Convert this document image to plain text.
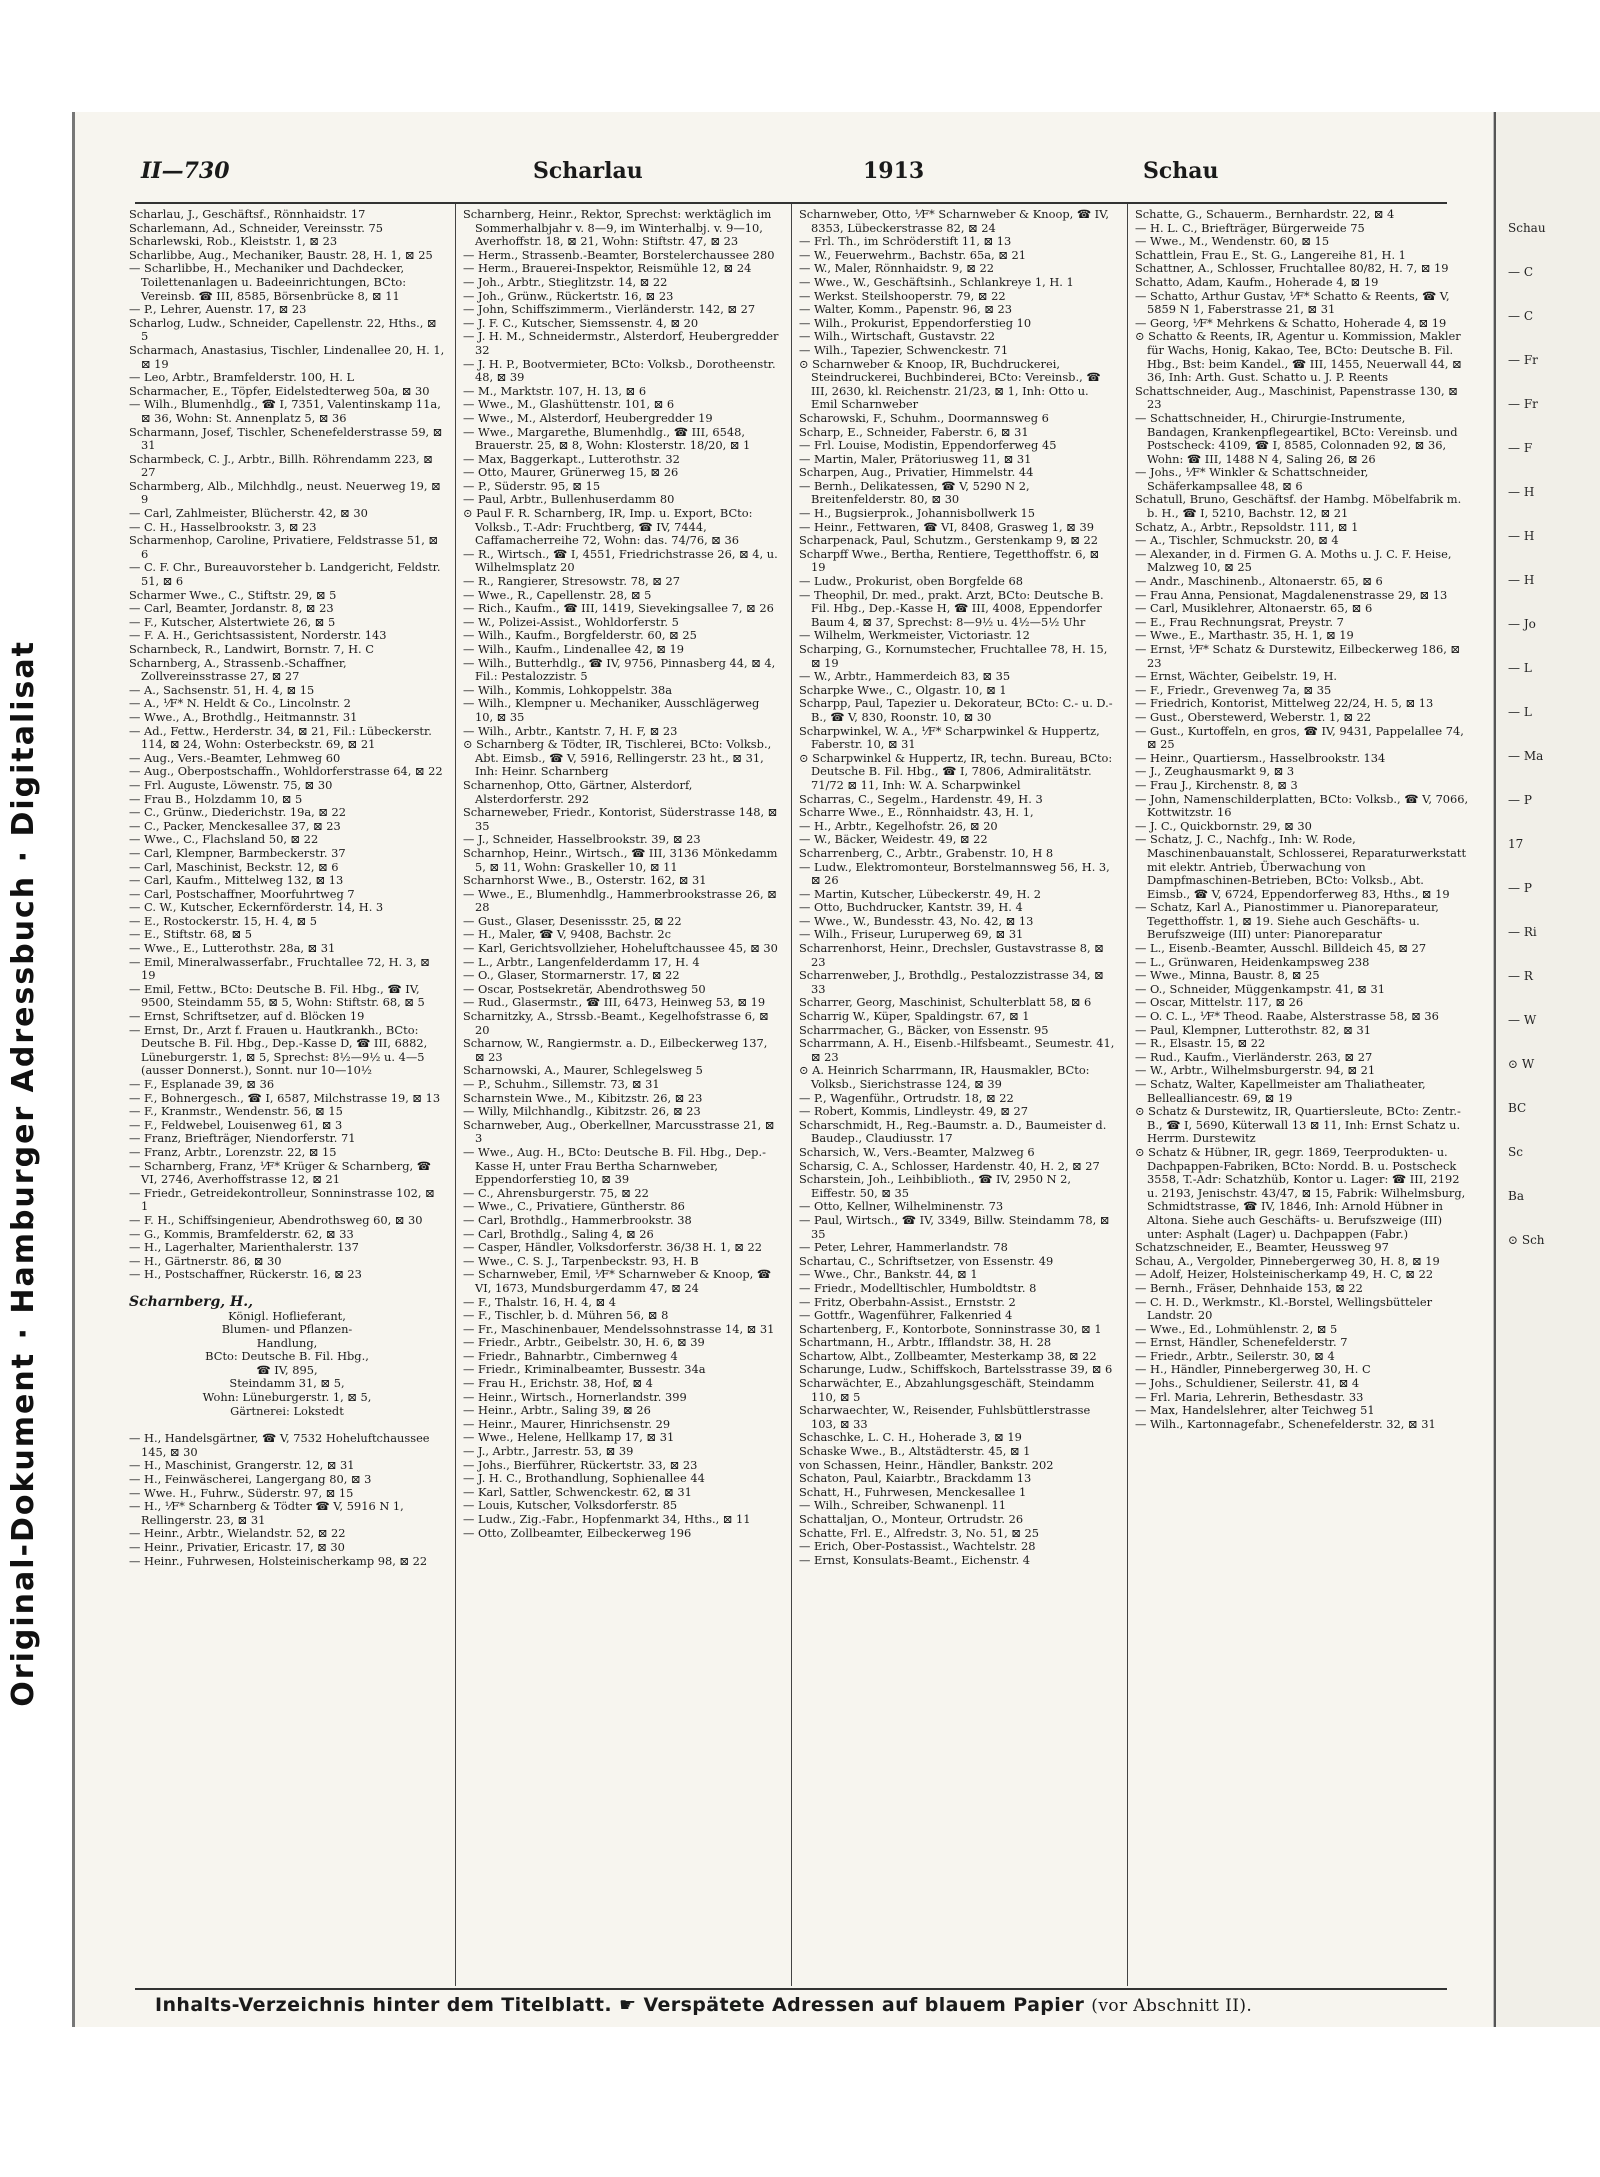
Original-Dokument · Hamburger Adressbuch · Digitalisat
II—730	Scharlau	1913	Schau

Scharlau, J., Geschäftsf., Rönnhaidstr. 17

Scharlemann, Ad., Schneider, Vereinsstr. 75

Scharlewski, Rob., Kleiststr. 1, ⊠ 23

Scharlibbe, Aug., Mechaniker, Baustr. 28, H. 1, ⊠ 25

— Scharlibbe, H., Mechaniker und Dachdecker, Toilettenanlagen u. Badeeinrichtungen, BCto: Vereinsb. ☎ III, 8585, Börsenbrücke 8, ⊠ 11

— P., Lehrer, Auenstr. 17, ⊠ 23

Scharlog, Ludw., Schneider, Capellenstr. 22, Hths., ⊠ 5

Scharmach, Anastasius, Tischler, Lindenallee 20, H. 1, ⊠ 19

— Leo, Arbtr., Bramfelderstr. 100, H. L

Scharmacher, E., Töpfer, Eidelstedterweg 50a, ⊠ 30

— Wilh., Blumenhdlg., ☎ I, 7351, Valentinskamp 11a, ⊠ 36, Wohn: St. Annenplatz 5, ⊠ 36

Scharmann, Josef, Tischler, Schenefelderstrasse 59, ⊠ 31

Scharmbeck, C. J., Arbtr., Billh. Röhrendamm 223, ⊠ 27

Scharmberg, Alb., Milchhdlg., neust. Neuerweg 19, ⊠ 9

— Carl, Zahlmeister, Blücherstr. 42, ⊠ 30

— C. H., Hasselbrookstr. 3, ⊠ 23

Scharmenhop, Caroline, Privatiere, Feldstrasse 51, ⊠ 6

— C. F. Chr., Bureauvorsteher b. Landgericht, Feldstr. 51, ⊠ 6

Scharmer Wwe., C., Stiftstr. 29, ⊠ 5

— Carl, Beamter, Jordanstr. 8, ⊠ 23

— F., Kutscher, Alstertwiete 26, ⊠ 5

— F. A. H., Gerichtsassistent, Norderstr. 143

Scharnbeck, R., Landwirt, Bornstr. 7, H. C

Scharnberg, A., Strassenb.-Schaffner, Zollvereinsstrasse 27, ⊠ 27

— A., Sachsenstr. 51, H. 4, ⊠ 15

— A., ⅟F* N. Heldt & Co., Lincolnstr. 2

— Wwe., A., Brothdlg., Heitmannstr. 31

— Ad., Fettw., Herderstr. 34, ⊠ 21, Fil.: Lübeckerstr. 114, ⊠ 24, Wohn: Osterbeckstr. 69, ⊠ 21

— Aug., Vers.-Beamter, Lehmweg 60

— Aug., Oberpostschaffn., Wohldorferstrasse 64, ⊠ 22

— Frl. Auguste, Löwenstr. 75, ⊠ 30

— Frau B., Holzdamm 10, ⊠ 5

— C., Grünw., Diederichstr. 19a, ⊠ 22

— C., Packer, Menckesallee 37, ⊠ 23

— Wwe., C., Flachsland 50, ⊠ 22

— Carl, Klempner, Barmbeckerstr. 37

— Carl, Maschinist, Beckstr. 12, ⊠ 6

— Carl, Kaufm., Mittelweg 132, ⊠ 13

— Carl, Postschaffner, Moorfuhrtweg 7

— C. W., Kutscher, Eckernförderstr. 14, H. 3

— E., Rostockerstr. 15, H. 4, ⊠ 5

— E., Stiftstr. 68, ⊠ 5

— Wwe., E., Lutterothstr. 28a, ⊠ 31

— Emil, Mineralwasserfabr., Fruchtallee 72, H. 3, ⊠ 19

— Emil, Fettw., BCto: Deutsche B. Fil. Hbg., ☎ IV, 9500, Steindamm 55, ⊠ 5, Wohn: Stiftstr. 68, ⊠ 5

— Ernst, Schriftsetzer, auf d. Blöcken 19

— Ernst, Dr., Arzt f. Frauen u. Hautkrankh., BCto: Deutsche B. Fil. Hbg., Dep.-Kasse D, ☎ III, 6882, Lüneburgerstr. 1, ⊠ 5, Sprechst: 8½—9½ u. 4—5 (ausser Donnerst.), Sonnt. nur 10—10½

— F., Esplanade 39, ⊠ 36

— F., Bohnergesch., ☎ I, 6587, Milchstrasse 19, ⊠ 13

— F., Kranmstr., Wendenstr. 56, ⊠ 15

— F., Feldwebel, Louisenweg 61, ⊠ 3

— Franz, Briefträger, Niendorferstr. 71

— Franz, Arbtr., Lorenzstr. 22, ⊠ 15

— Scharnberg, Franz, ⅟F* Krüger & Scharnberg, ☎ VI, 2746, Averhoffstrasse 12, ⊠ 21

— Friedr., Getreidekontrolleur, Sonninstrasse 102, ⊠ 1

— F. H., Schiffsingenieur, Abendrothsweg 60, ⊠ 30

— G., Kommis, Bramfelderstr. 62, ⊠ 33

— H., Lagerhalter, Marienthalerstr. 137

— H., Gärtnerstr. 86, ⊠ 30

— H., Postschaffner, Rückerstr. 16, ⊠ 23

Scharnberg, H.,
Königl. Hoflieferant,
Blumen- und Pflanzen-
Handlung,
BCto: Deutsche B. Fil. Hbg.,
☎ IV, 895,
Steindamm 31, ⊠ 5,
Wohn: Lüneburgerstr. 1, ⊠ 5,
Gärtnerei: Lokstedt

— H., Handelsgärtner, ☎ V, 7532 Hoheluftchaussee 145, ⊠ 30

— H., Maschinist, Grangerstr. 12, ⊠ 31

— H., Feinwäscherei, Langergang 80, ⊠ 3

— Wwe. H., Fuhrw., Süderstr. 97, ⊠ 15

— H., ⅟F* Scharnberg & Tödter ☎ V, 5916 N 1, Rellingerstr. 23, ⊠ 31

— Heinr., Arbtr., Wielandstr. 52, ⊠ 22

— Heinr., Privatier, Ericastr. 17, ⊠ 30

— Heinr., Fuhrwesen, Holsteinischerkamp 98, ⊠ 22

Scharnberg, Heinr., Rektor, Sprechst: werktäglich im Sommerhalbjahr v. 8—9, im Winterhalbj. v. 9—10, Averhoffstr. 18, ⊠ 21, Wohn: Stiftstr. 47, ⊠ 23

— Herm., Strassenb.-Beamter, Borstelerchaussee 280

— Herm., Brauerei-Inspektor, Reismühle 12, ⊠ 24

— Joh., Arbtr., Stieglitzstr. 14, ⊠ 22

— Joh., Grünw., Rückertstr. 16, ⊠ 23

— John, Schiffszimmerm., Vierländerstr. 142, ⊠ 27

— J. F. C., Kutscher, Siemssenstr. 4, ⊠ 20

— J. H. M., Schneidermstr., Alsterdorf, Heubergredder 32

— J. H. P., Bootvermieter, BCto: Volksb., Dorotheenstr. 48, ⊠ 39

— M., Marktstr. 107, H. 13, ⊠ 6

— Wwe., M., Glashüttenstr. 101, ⊠ 6

— Wwe., M., Alsterdorf, Heubergredder 19

— Wwe., Margarethe, Blumenhdlg., ☎ III, 6548, Brauerstr. 25, ⊠ 8, Wohn: Klosterstr. 18/20, ⊠ 1

— Max, Baggerkapt., Lutterothstr. 32

— Otto, Maurer, Grünerweg 15, ⊠ 26

— P., Süderstr. 95, ⊠ 15

— Paul, Arbtr., Bullenhuserdamm 80

⊙ Paul F. R. Scharnberg, IR, Imp. u. Export, BCto: Volksb., T.-Adr: Fruchtberg, ☎ IV, 7444, Caffamacherreihe 72, Wohn: das. 74/76, ⊠ 36

— R., Wirtsch., ☎ I, 4551, Friedrichstrasse 26, ⊠ 4, u. Wilhelmsplatz 20

— R., Rangierer, Stresowstr. 78, ⊠ 27

— Wwe., R., Capellenstr. 28, ⊠ 5

— Rich., Kaufm., ☎ III, 1419, Sievekingsallee 7, ⊠ 26

— W., Polizei-Assist., Wohldorferstr. 5

— Wilh., Kaufm., Borgfelderstr. 60, ⊠ 25

— Wilh., Kaufm., Lindenallee 42, ⊠ 19

— Wilh., Butterhdlg., ☎ IV, 9756, Pinnasberg 44, ⊠ 4, Fil.: Pestalozzistr. 5

— Wilh., Kommis, Lohkoppelstr. 38a

— Wilh., Klempner u. Mechaniker, Ausschlägerweg 10, ⊠ 35

— Wilh., Arbtr., Kantstr. 7, H. F, ⊠ 23

⊙ Scharnberg & Tödter, IR, Tischlerei, BCto: Volksb., Abt. Eimsb., ☎ V, 5916, Rellingerstr. 23 ht., ⊠ 31, Inh: Heinr. Scharnberg

Scharnenhop, Otto, Gärtner, Alsterdorf, Alsterdorferstr. 292

Scharneweber, Friedr., Kontorist, Süderstrasse 148, ⊠ 35

— J., Schneider, Hasselbrookstr. 39, ⊠ 23

Scharnhop, Heinr., Wirtsch., ☎ III, 3136 Mönkedamm 5, ⊠ 11, Wohn: Graskeller 10, ⊠ 11

Scharnhorst Wwe., B., Osterstr. 162, ⊠ 31

— Wwe., E., Blumenhdlg., Hammerbrookstrasse 26, ⊠ 28

— Gust., Glaser, Desenissstr. 25, ⊠ 22

— H., Maler, ☎ V, 9408, Bachstr. 2c

— Karl, Gerichtsvollzieher, Hoheluftchaussee 45, ⊠ 30

— L., Arbtr., Langenfelderdamm 17, H. 4

— O., Glaser, Stormarnerstr. 17, ⊠ 22

— Oscar, Postsekretär, Abendrothsweg 50

— Rud., Glasermstr., ☎ III, 6473, Heinweg 53, ⊠ 19

Scharnitzky, A., Strssb.-Beamt., Kegelhofstrasse 6, ⊠ 20

Scharnow, W., Rangiermstr. a. D., Eilbeckerweg 137, ⊠ 23

Scharnowski, A., Maurer, Schlegelsweg 5

— P., Schuhm., Sillemstr. 73, ⊠ 31

Scharnstein Wwe., M., Kibitzstr. 26, ⊠ 23

— Willy, Milchhandlg., Kibitzstr. 26, ⊠ 23

Scharnweber, Aug., Oberkellner, Marcusstrasse 21, ⊠ 3

— Wwe., Aug. H., BCto: Deutsche B. Fil. Hbg., Dep.-Kasse H, unter Frau Bertha Scharnweber, Eppendorferstieg 10, ⊠ 39

— C., Ahrensburgerstr. 75, ⊠ 22

— Wwe., C., Privatiere, Güntherstr. 86

— Carl, Brothdlg., Hammerbrookstr. 38

— Carl, Brothdlg., Saling 4, ⊠ 26

— Casper, Händler, Volksdorferstr. 36/38 H. 1, ⊠ 22

— Wwe., C. S. J., Tarpenbeckstr. 93, H. B

— Scharnweber, Emil, ⅟F* Scharnweber & Knoop, ☎ VI, 1673, Mundsburgerdamm 47, ⊠ 24

— F., Thalstr. 16, H. 4, ⊠ 4

— F., Tischler, b. d. Mühren 56, ⊠ 8

— Fr., Maschinenbauer, Mendelssohnstrasse 14, ⊠ 31

— Friedr., Arbtr., Geibelstr. 30, H. 6, ⊠ 39

— Friedr., Bahnarbtr., Cimbernweg 4

— Friedr., Kriminalbeamter, Bussestr. 34a

— Frau H., Erichstr. 38, Hof, ⊠ 4

— Heinr., Wirtsch., Hornerlandstr. 399

— Heinr., Arbtr., Saling 39, ⊠ 26

— Heinr., Maurer, Hinrichsenstr. 29

— Wwe., Helene, Hellkamp 17, ⊠ 31

— J., Arbtr., Jarrestr. 53, ⊠ 39

— Johs., Bierführer, Rückertstr. 33, ⊠ 23

— J. H. C., Brothandlung, Sophienallee 44

— Karl, Sattler, Schwenckestr. 62, ⊠ 31

— Louis, Kutscher, Volksdorferstr. 85

— Ludw., Zig.-Fabr., Hopfenmarkt 34, Hths., ⊠ 11

— Otto, Zollbeamter, Eilbeckerweg 196

Scharnweber, Otto, ⅟F* Scharnweber & Knoop, ☎ IV, 8353, Lübeckerstrasse 82, ⊠ 24

— Frl. Th., im Schröderstift 11, ⊠ 13

— W., Feuerwehrm., Bachstr. 65a, ⊠ 21

— W., Maler, Rönnhaidstr. 9, ⊠ 22

— Wwe., W., Geschäftsinh., Schlankreye 1, H. 1

— Werkst. Steilshooperstr. 79, ⊠ 22

— Walter, Komm., Papenstr. 96, ⊠ 23

— Wilh., Prokurist, Eppendorferstieg 10

— Wilh., Wirtschaft, Gustavstr. 22

— Wilh., Tapezier, Schwenckestr. 71

⊙ Scharnweber & Knoop, IR, Buchdruckerei, Steindruckerei, Buchbinderei, BCto: Vereinsb., ☎ III, 2630, kl. Reichenstr. 21/23, ⊠ 1, Inh: Otto u. Emil Scharnweber

Scharowski, F., Schuhm., Doormannsweg 6

Scharp, E., Schneider, Faberstr. 6, ⊠ 31

— Frl. Louise, Modistin, Eppendorferweg 45

— Martin, Maler, Prätoriusweg 11, ⊠ 31

Scharpen, Aug., Privatier, Himmelstr. 44

— Bernh., Delikatessen, ☎ V, 5290 N 2, Breitenfelderstr. 80, ⊠ 30

— H., Bugsierprok., Johannisbollwerk 15

— Heinr., Fettwaren, ☎ VI, 8408, Grasweg 1, ⊠ 39

Scharpenack, Paul, Schutzm., Gerstenkamp 9, ⊠ 22

Scharpff Wwe., Bertha, Rentiere, Tegetthoffstr. 6, ⊠ 19

— Ludw., Prokurist, oben Borgfelde 68

— Theophil, Dr. med., prakt. Arzt, BCto: Deutsche B. Fil. Hbg., Dep.-Kasse H, ☎ III, 4008, Eppendorfer Baum 4, ⊠ 37, Sprechst: 8—9½ u. 4½—5½ Uhr

— Wilhelm, Werkmeister, Victoriastr. 12

Scharping, G., Kornumstecher, Fruchtallee 78, H. 15, ⊠ 19

— W., Arbtr., Hammerdeich 83, ⊠ 35

Scharpke Wwe., C., Olgastr. 10, ⊠ 1

Scharpp, Paul, Tapezier u. Dekorateur, BCto: C.- u. D.-B., ☎ V, 830, Roonstr. 10, ⊠ 30

Scharpwinkel, W. A., ⅟F* Scharpwinkel & Huppertz, Faberstr. 10, ⊠ 31

⊙ Scharpwinkel & Huppertz, IR, techn. Bureau, BCto: Deutsche B. Fil. Hbg., ☎ I, 7806, Admiralitätstr. 71/72 ⊠ 11, Inh: W. A. Scharpwinkel

Scharras, C., Segelm., Hardenstr. 49, H. 3

Scharre Wwe., E., Rönnhaidstr. 43, H. 1,

— H., Arbtr., Kegelhofstr. 26, ⊠ 20

— W., Bäcker, Weidestr. 49, ⊠ 22

Scharrenberg, C., Arbtr., Grabenstr. 10, H 8

— Ludw., Elektromonteur, Borstelmannsweg 56, H. 3, ⊠ 26

— Martin, Kutscher, Lübeckerstr. 49, H. 2

— Otto, Buchdrucker, Kantstr. 39, H. 4

— Wwe., W., Bundesstr. 43, No. 42, ⊠ 13

— Wilh., Friseur, Luruperweg 69, ⊠ 31

Scharrenhorst, Heinr., Drechsler, Gustavstrasse 8, ⊠ 23

Scharrenweber, J., Brothdlg., Pestalozzistrasse 34, ⊠ 33

Scharrer, Georg, Maschinist, Schulterblatt 58, ⊠ 6

Scharrig W., Küper, Spaldingstr. 67, ⊠ 1

Scharrmacher, G., Bäcker, von Essenstr. 95

Scharrmann, A. H., Eisenb.-Hilfsbeamt., Seumestr. 41, ⊠ 23

⊙ A. Heinrich Scharrmann, IR, Hausmakler, BCto: Volksb., Sierichstrasse 124, ⊠ 39

— P., Wagenführ., Ortrudstr. 18, ⊠ 22

— Robert, Kommis, Lindleystr. 49, ⊠ 27

Scharschmidt, H., Reg.-Baumstr. a. D., Baumeister d. Baudep., Claudiusstr. 17

Scharsich, W., Vers.-Beamter, Malzweg 6

Scharsig, C. A., Schlosser, Hardenstr. 40, H. 2, ⊠ 27

Scharstein, Joh., Leihbiblioth., ☎ IV, 2950 N 2, Eiffestr. 50, ⊠ 35

— Otto, Kellner, Wilhelminenstr. 73

— Paul, Wirtsch., ☎ IV, 3349, Billw. Steindamm 78, ⊠ 35

— Peter, Lehrer, Hammerlandstr. 78

Schartau, C., Schriftsetzer, von Essenstr. 49

— Wwe., Chr., Bankstr. 44, ⊠ 1

— Friedr., Modelltischler, Humboldtstr. 8

— Fritz, Oberbahn-Assist., Ernststr. 2

— Gottfr., Wagenführer, Falkenried 4

Schartenberg, F., Kontorbote, Sonninstrasse 30, ⊠ 1

Schartmann, H., Arbtr., Ifflandstr. 38, H. 28

Schartow, Albt., Zollbeamter, Mesterkamp 38, ⊠ 22

Scharunge, Ludw., Schiffskoch, Bartelsstrasse 39, ⊠ 6

Scharwächter, E., Abzahlungsgeschäft, Steindamm 110, ⊠ 5

Scharwaechter, W., Reisender, Fuhlsbüttlerstrasse 103, ⊠ 33

Schaschke, L. C. H., Hoherade 3, ⊠ 19

Schaske Wwe., B., Altstädterstr. 45, ⊠ 1

von Schassen, Heinr., Händler, Bankstr. 202

Schaton, Paul, Kaiarbtr., Brackdamm 13

Schatt, H., Fuhrwesen, Menckesallee 1

— Wilh., Schreiber, Schwanenpl. 11

Schattaljan, O., Monteur, Ortrudstr. 26

Schatte, Frl. E., Alfredstr. 3, No. 51, ⊠ 25

— Erich, Ober-Postassist., Wachtelstr. 28

— Ernst, Konsulats-Beamt., Eichenstr. 4

Schatte, G., Schauerm., Bernhardstr. 22, ⊠ 4

— H. L. C., Briefträger, Bürgerweide 75

— Wwe., M., Wendenstr. 60, ⊠ 15

Schattlein, Frau E., St. G., Langereihe 81, H. 1

Schattner, A., Schlosser, Fruchtallee 80/82, H. 7, ⊠ 19

Schatto, Adam, Kaufm., Hoherade 4, ⊠ 19

— Schatto, Arthur Gustav, ⅟F* Schatto & Reents, ☎ V, 5859 N 1, Faberstrasse 21, ⊠ 31

— Georg, ⅟F* Mehrkens & Schatto, Hoherade 4, ⊠ 19

⊙ Schatto & Reents, IR, Agentur u. Kommission, Makler für Wachs, Honig, Kakao, Tee, BCto: Deutsche B. Fil. Hbg., Bst: beim Kandel., ☎ III, 1455, Neuerwall 44, ⊠ 36, Inh: Arth. Gust. Schatto u. J. P. Reents

Schattschneider, Aug., Maschinist, Papenstrasse 130, ⊠ 23

— Schattschneider, H., Chirurgie-Instrumente, Bandagen, Krankenpflegeartikel, BCto: Vereinsb. und Postscheck: 4109, ☎ I, 8585, Colonnaden 92, ⊠ 36, Wohn: ☎ III, 1488 N 4, Saling 26, ⊠ 26

— Johs., ⅟F* Winkler & Schattschneider, Schäferkampsallee 48, ⊠ 6

Schatull, Bruno, Geschäftsf. der Hambg. Möbelfabrik m. b. H., ☎ I, 5210, Bachstr. 12, ⊠ 21

Schatz, A., Arbtr., Repsoldstr. 111, ⊠ 1

— A., Tischler, Schmuckstr. 20, ⊠ 4

— Alexander, in d. Firmen G. A. Moths u. J. C. F. Heise, Malzweg 10, ⊠ 25

— Andr., Maschinenb., Altonaerstr. 65, ⊠ 6

— Frau Anna, Pensionat, Magdalenenstrasse 29, ⊠ 13

— Carl, Musiklehrer, Altonaerstr. 65, ⊠ 6

— E., Frau Rechnungsrat, Preystr. 7

— Wwe., E., Marthastr. 35, H. 1, ⊠ 19

— Ernst, ⅟F* Schatz & Durstewitz, Eilbeckerweg 186, ⊠ 23

— Ernst, Wächter, Geibelstr. 19, H.

— F., Friedr., Grevenweg 7a, ⊠ 35

— Friedrich, Kontorist, Mittelweg 22/24, H. 5, ⊠ 13

— Gust., Oberstewerd, Weberstr. 1, ⊠ 22

— Gust., Kurtoffeln, en gros, ☎ IV, 9431, Pappelallee 74, ⊠ 25

— Heinr., Quartiersm., Hasselbrookstr. 134

— J., Zeughausmarkt 9, ⊠ 3

— Frau J., Kirchenstr. 8, ⊠ 3

— John, Namenschilderplatten, BCto: Volksb., ☎ V, 7066, Kottwitzstr. 16

— J. C., Quickbornstr. 29, ⊠ 30

— Schatz, J. C., Nachfg., Inh: W. Rode, Maschinenbauanstalt, Schlosserei, Reparaturwerkstatt mit elektr. Antrieb, Überwachung von Dampfmaschinen-Betrieben, BCto: Volksb., Abt. Eimsb., ☎ V, 6724, Eppendorferweg 83, Hths., ⊠ 19

— Schatz, Karl A., Pianostimmer u. Pianoreparateur, Tegetthoffstr. 1, ⊠ 19. Siehe auch Geschäfts- u. Berufszweige (III) unter: Pianoreparatur

— L., Eisenb.-Beamter, Ausschl. Billdeich 45, ⊠ 27

— L., Grünwaren, Heidenkampsweg 238

— Wwe., Minna, Baustr. 8, ⊠ 25

— O., Schneider, Müggenkampstr. 41, ⊠ 31

— Oscar, Mittelstr. 117, ⊠ 26

— O. C. L., ⅟F* Theod. Raabe, Alsterstrasse 58, ⊠ 36

— Paul, Klempner, Lutterothstr. 82, ⊠ 31

— R., Elsastr. 15, ⊠ 22

— Rud., Kaufm., Vierländerstr. 263, ⊠ 27

— W., Arbtr., Wilhelmsburgerstr. 94, ⊠ 21

— Schatz, Walter, Kapellmeister am Thaliatheater, Bellealliancestr. 69, ⊠ 19

⊙ Schatz & Durstewitz, IR, Quartiersleute, BCto: Zentr.-B., ☎ I, 5690, Küterwall 13 ⊠ 11, Inh: Ernst Schatz u. Herrm. Durstewitz

⊙ Schatz & Hübner, IR, gegr. 1869, Teerprodukten- u. Dachpappen-Fabriken, BCto: Nordd. B. u. Postscheck 3558, T.-Adr: Schatzhüb, Kontor u. Lager: ☎ III, 2192 u. 2193, Jenischstr. 43/47, ⊠ 15, Fabrik: Wilhelmsburg, Schmidtstrasse, ☎ IV, 1846, Inh: Arnold Hübner in Altona. Siehe auch Geschäfts- u. Berufszweige (III) unter: Asphalt (Lager) u. Dachpappen (Fabr.)

Schatzschneider, E., Beamter, Heussweg 97

Schau, A., Vergolder, Pinnebergerweg 30, H. 8, ⊠ 19

— Adolf, Heizer, Holsteinischerkamp 49, H. C, ⊠ 22

— Bernh., Fräser, Dehnhaide 153, ⊠ 22

— C. H. D., Werkmstr., Kl.-Borstel, Wellingsbütteler Landstr. 20

— Wwe., Ed., Lohmühlenstr. 2, ⊠ 5

— Ernst, Händler, Schenefelderstr. 7

— Friedr., Arbtr., Seilerstr. 30, ⊠ 4

— H., Händler, Pinnebergerweg 30, H. C

— Johs., Schuldiener, Seilerstr. 41, ⊠ 4

— Frl. Maria, Lehrerin, Bethesdastr. 33

— Max, Handelslehrer, alter Teichweg 51

— Wilh., Kartonnagefabr., Schenefelderstr. 32, ⊠ 31

Inhalts-Verzeichnis hinter dem Titelblatt. ☛ Verspätete Adressen auf blauem Papier (vor Abschnitt II).
Schau
— C
— C
— Fr
— Fr
— F
— H
— H
— H
— Jo
— L
— L
— Ma
— P
17
— P
— Ri
— R
— W
⊙ W
BC
Sc
Ba
⊙ Sch
